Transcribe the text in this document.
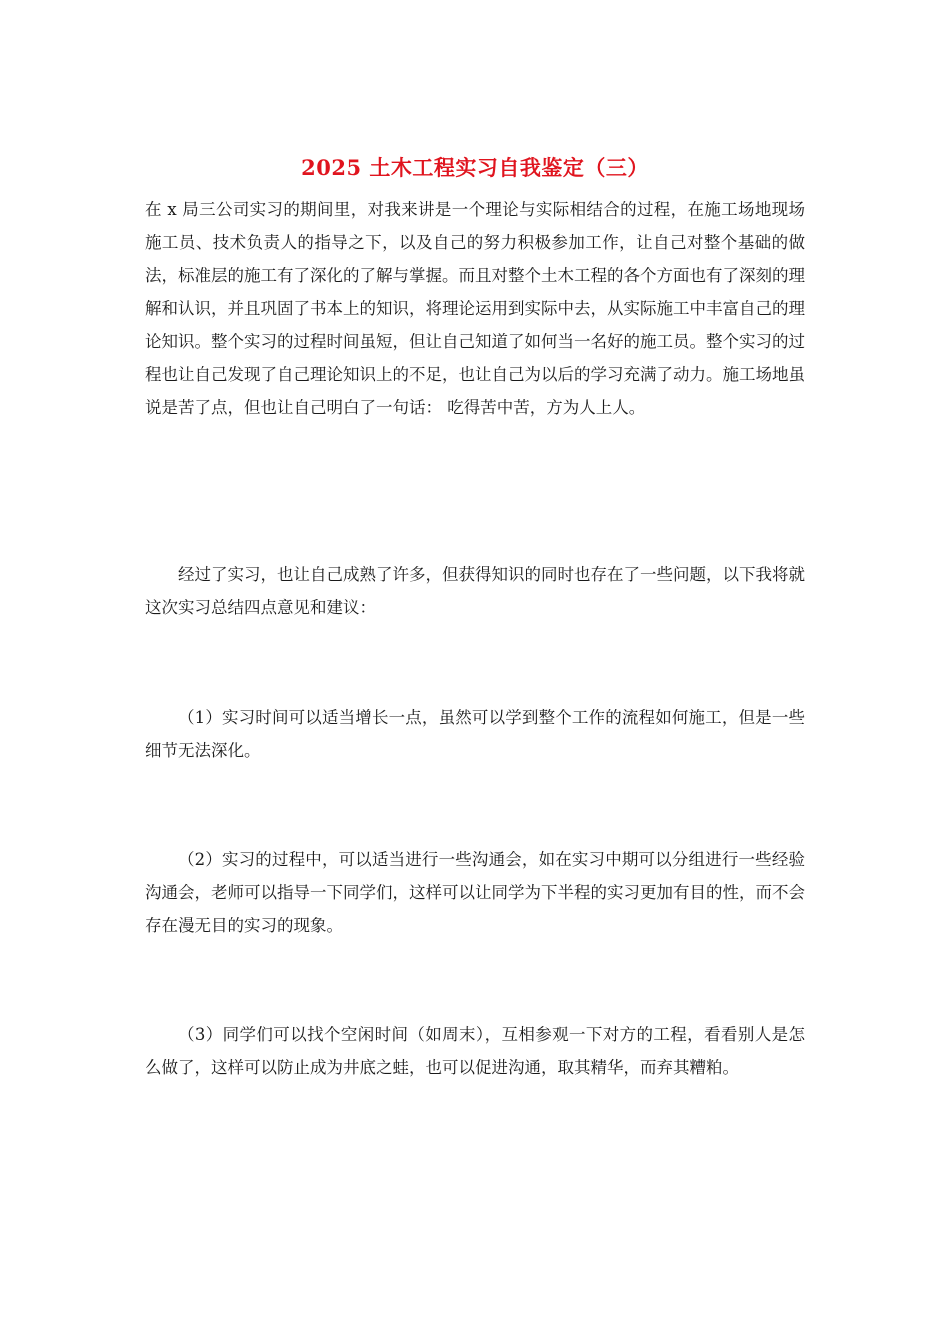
2025 土木工程实习自我鉴定（三）
在 x 局三公司实习的期间里，对我来讲是一个理论与实际相结合的过程，在施工场地现场施工员、技术负责人的指导之下，以及自己的努力积极参加工作，让自己对整个基础的做法，标准层的施工有了深化的了解与掌握。而且对整个土木工程的各个方面也有了深刻的理解和认识，并且巩固了书本上的知识，将理论运用到实际中去，从实际施工中丰富自己的理论知识。整个实习的过程时间虽短，但让自己知道了如何当一名好的施工员。整个实习的过程也让自己发现了自己理论知识上的不足，也让自己为以后的学习充满了动力。施工场地虽说是苦了点，但也让自己明白了一句话： 吃得苦中苦，方为人上人。
经过了实习，也让自己成熟了许多，但获得知识的同时也存在了一些问题，以下我将就这次实习总结四点意见和建议：
（1）实习时间可以适当增长一点，虽然可以学到整个工作的流程如何施工，但是一些细节无法深化。
（2）实习的过程中，可以适当进行一些沟通会，如在实习中期可以分组进行一些经验沟通会，老师可以指导一下同学们，这样可以让同学为下半程的实习更加有目的性，而不会存在漫无目的实习的现象。
（3）同学们可以找个空闲时间（如周末），互相参观一下对方的工程，看看别人是怎么做了，这样可以防止成为井底之蛙，也可以促进沟通，取其精华，而弃其糟粕。
